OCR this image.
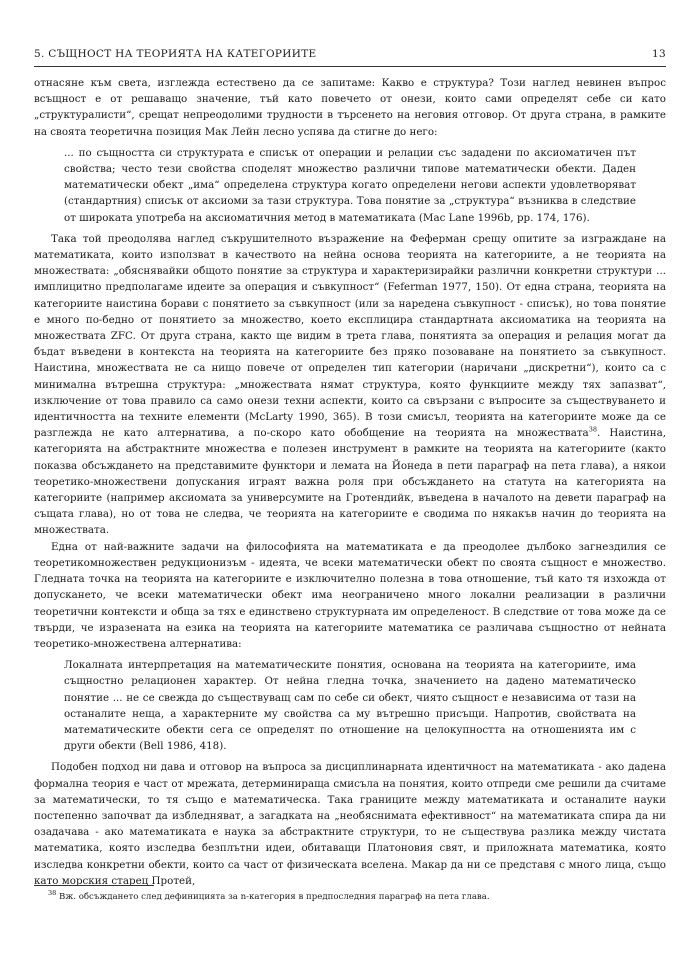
5. СЪЩНОСТ НА ТЕОРИЯТА НА КАТЕГОРИИТЕ	13

отнасяне към света, изглежда естествено да се запитаме: Какво е структура? Този наглед невинен въпрос всъщност е от решаващо значение, тъй като повечето от онези, които сами определят себе си като „структуралисти“, срещат непреодолими трудности в търсенето на неговия отговор. От друга страна, в рамките на своята теоретична позиция Мак Лейн лесно успява да стигне до него:

... по същността си структурата е списък от операции и релации със зададени по аксиоматичен път свойства; често тези свойства споделят множество различни типове математически обекти. Даден математически обект „има“ определена структура когато определени негови аспекти удовлетворяват (стандартния) списък от аксиоми за тази структура. Това понятие за „структура“ възниква в следствие от широката употреба на аксиоматичния метод в математиката (Mac Lane 1996b, pp. 174, 176).

Така той преодолява наглед съкрушителното възражение на Феферман срещу опитите за изграждане на математиката, които използват в качеството на нейна основа теорията на категориите, а не теорията на множествата: „обяснявайки общото понятие за структура и характеризирайки различни конкретни структури ... имплицитно предполагаме идеите за операция и съвкупност“ (Feferman 1977, 150). От една страна, теорията на категориите наистина борави с понятието за съвкупност (или за наредена съвкупност - списък), но това понятие е много по-бедно от понятието за множество, което експлицира стандартната аксиоматика на теорията на множествата ZFC. От друга страна, както ще видим в трета глава, понятията за операция и релация могат да бъдат въведени в контекста на теорията на категориите без пряко позоваване на понятието за съвкупност. Наистина, множествата не са нищо повече от определен тип категории (наричани „дискретни“), които са с минимална вътрешна структура: „множествата нямат структура, която функциите между тях запазват“, изключение от това правило са само онези техни аспекти, които са свързани с въпросите за съществуването и идентичността на техните елементи (McLarty 1990, 365). В този смисъл, теорията на категориите може да се разглежда не като алтернатива, а по-скоро като обобщение на теорията на множествата$^{38}$. Наистина, категорията на абстрактните множества е полезен инструмент в рамките на теорията на категориите (както показва обсъждането на представимите функтори и лемата на Йонеда в пети параграф на пета глава), а някои теоретико-множествени допускания играят важна роля при обсъждането на статута на категорията на категориите (например аксиомата за универсумите на Гротендийк, въведена в началото на девети параграф на същата глава), но от това не следва, че теорията на категориите е сводима по някакъв начин до теорията на множествата.

Една от най-важните задачи на философията на математиката е да преодолее дълбоко загнездилия се теоретикомножествен редукционизъм - идеята, че всеки математически обект по своята същност е множество. Гледната точка на теорията на категориите е изключително полезна в това отношение, тъй като тя изхожда от допускането, че всеки математически обект има неограничено много локални реализации в различни теоретични контексти и обща за тях е единствено структурната им определеност. В следствие от това може да се твърди, че изразената на езика на теорията на категориите математика се различава същностно от нейната теоретико-множествена алтернатива:

Локалната интерпретация на математическите понятия, основана на теорията на категориите, има същностно релационен характер. От нейна гледна точка, значението на дадено математическо понятие ... не се свежда до съществуващ сам по себе си обект, чиято същност е независима от тази на останалите неща, а характерните му свойства са му вътрешно присъщи. Напротив, свойствата на математическите обекти сега се определят по отношение на целокупността на отношенията им с други обекти (Bell 1986, 418).

Подобен подход ни дава и отговор на въпроса за дисциплинарната идентичност на математиката - ако дадена формална теория е част от мрежата, детерминираща смисъла на понятия, които отпреди сме решили да считаме за математически, то тя също е математическа. Така границите между математиката и останалите науки постепенно започват да избледняват, а загадката на „необяснимата ефективност“ на математиката спира да ни озадачава - ако математиката е наука за абстрактните структури, то не съществува разлика между чистата математика, която изследва безплътни идеи, обитаващи Платоновия свят, и приложната математика, която изследва конкретни обекти, които са част от физическата вселена. Макар да ни се представя с много лица, също като морския старец Протей,

$^{38}$ Вж. обсъждането след дефиницията за n-категория в предпоследния параграф на пета глава.
